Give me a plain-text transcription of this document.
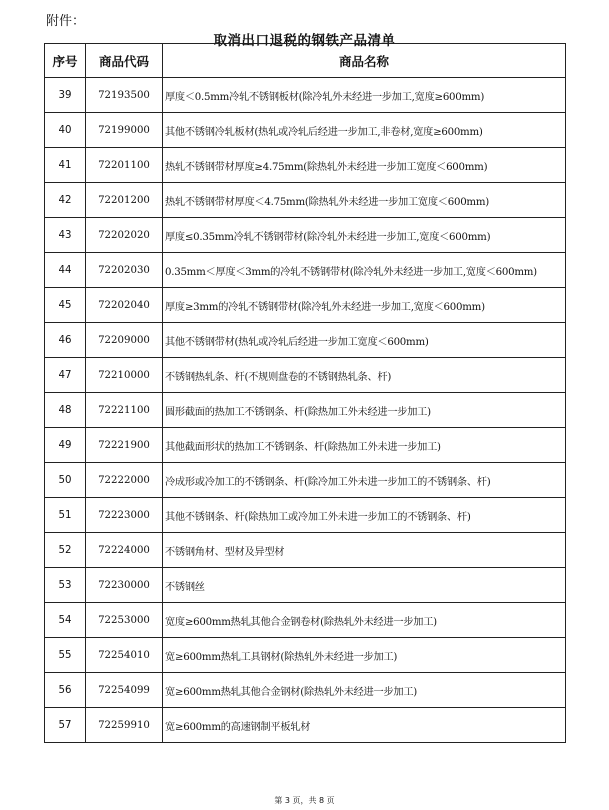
附件：
取消出口退税的钢铁产品清单
序号	商品代码	商品名称
39	72193500	厚度＜0.5mm冷轧不锈钢板材(除冷轧外未经进一步加工,宽度≥600mm)
40	72199000	其他不锈钢冷轧板材(热轧或冷轧后经进一步加工,非卷材,宽度≥600mm)
41	72201100	热轧不锈钢带材厚度≥4.75mm(除热轧外未经进一步加工宽度＜600mm)
42	72201200	热轧不锈钢带材厚度＜4.75mm(除热轧外未经进一步加工宽度＜600mm)
43	72202020	厚度≤0.35mm冷轧不锈钢带材(除冷轧外未经进一步加工,宽度＜600mm)
44	72202030	0.35mm＜厚度＜3mm的冷轧不锈钢带材(除冷轧外未经进一步加工,宽度＜600mm)
45	72202040	厚度≥3mm的冷轧不锈钢带材(除冷轧外未经进一步加工,宽度＜600mm)
46	72209000	其他不锈钢带材(热轧或冷轧后经进一步加工宽度＜600mm)
47	72210000	不锈钢热轧条、杆(不规则盘卷的不锈钢热轧条、杆)
48	72221100	圆形截面的热加工不锈钢条、杆(除热加工外未经进一步加工)
49	72221900	其他截面形状的热加工不锈钢条、杆(除热加工外未进一步加工)
50	72222000	冷成形或冷加工的不锈钢条、杆(除冷加工外未进一步加工的不锈钢条、杆)
51	72223000	其他不锈钢条、杆(除热加工或冷加工外未进一步加工的不锈钢条、杆)
52	72224000	不锈钢角材、型材及异型材
53	72230000	不锈钢丝
54	72253000	宽度≥600mm热轧其他合金钢卷材(除热轧外未经进一步加工)
55	72254010	宽≥600mm热轧工具钢材(除热轧外未经进一步加工)
56	72254099	宽≥600mm热轧其他合金钢材(除热轧外未经进一步加工)
57	72259910	宽≥600mm的高速钢制平板轧材
第 3 页，共 8 页
